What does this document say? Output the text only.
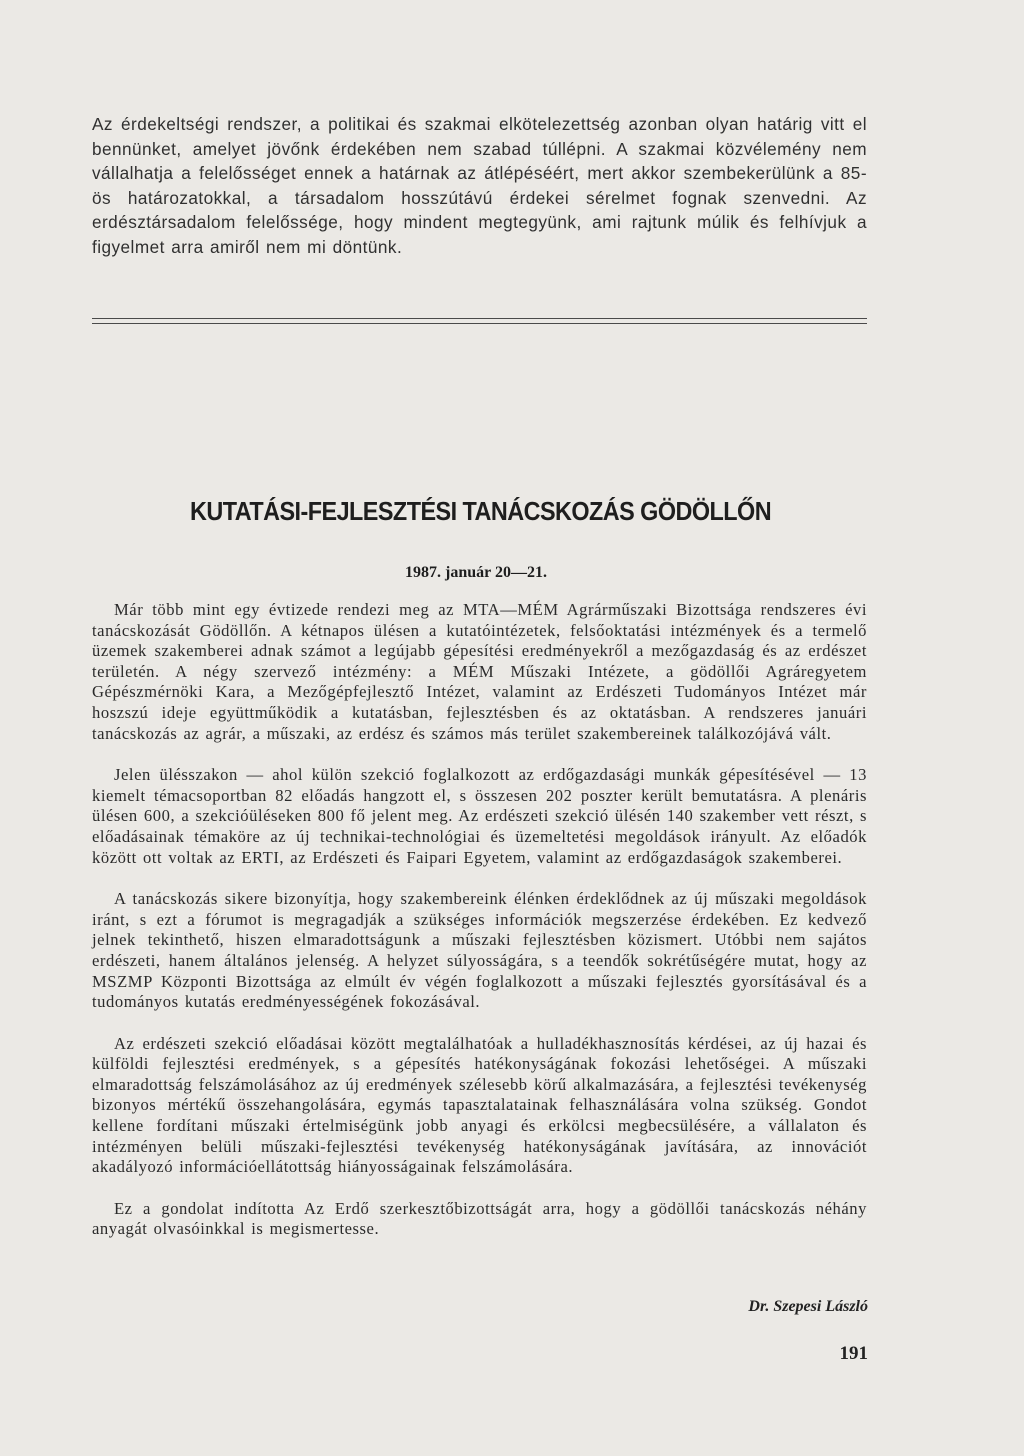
Az érdekeltségi rendszer, a politikai és szakmai elkötelezettség azonban olyan határig vitt el bennünket, amelyet jövőnk érdekében nem szabad túllépni. A szakmai közvélemény nem vállalhatja a felelősséget ennek a határnak az átlépéséért, mert akkor szembekerülünk a 85-ös határozatokkal, a társadalom hosszútávú érdekei sérelmet fognak szenvedni. Az erdésztársadalom felelőssége, hogy mindent megtegyünk, ami rajtunk múlik és felhívjuk a figyelmet arra amiről nem mi döntünk.

KUTATÁSI-FEJLESZTÉSI TANÁCSKOZÁS GÖDÖLLŐN

1987. január 20—21.

Már több mint egy évtizede rendezi meg az MTA—MÉM Agrárműszaki Bizottsága rendszeres évi tanácskozását Gödöllőn. A kétnapos ülésen a kutatóintézetek, felsőoktatási intézmények és a termelő üzemek szakemberei adnak számot a legújabb gépesítési eredményekről a mezőgazdaság és az erdészet területén. A négy szervező intézmény: a MÉM Műszaki Intézete, a gödöllői Agráregyetem Gépészmérnöki Kara, a Mezőgépfejlesztő Intézet, valamint az Erdészeti Tudományos Intézet már hoszszú ideje együttműködik a kutatásban, fejlesztésben és az oktatásban. A rendszeres januári tanácskozás az agrár, a műszaki, az erdész és számos más terület szakembereinek találkozójává vált.

Jelen ülésszakon — ahol külön szekció foglalkozott az erdőgazdasági munkák gépesítésével — 13 kiemelt témacsoportban 82 előadás hangzott el, s összesen 202 poszter került bemutatásra. A plenáris ülésen 600, a szekcióüléseken 800 fő jelent meg. Az erdészeti szekció ülésén 140 szakember vett részt, s előadásainak témaköre az új technikai-technológiai és üzemeltetési megoldások irányult. Az előadók között ott voltak az ERTI, az Erdészeti és Faipari Egyetem, valamint az erdőgazdaságok szakemberei.

A tanácskozás sikere bizonyítja, hogy szakembereink élénken érdeklődnek az új műszaki megoldások iránt, s ezt a fórumot is megragadják a szükséges információk megszerzése érdekében. Ez kedvező jelnek tekinthető, hiszen elmaradottságunk a műszaki fejlesztésben közismert. Utóbbi nem sajátos erdészeti, hanem általános jelenség. A helyzet súlyosságára, s a teendők sokrétűségére mutat, hogy az MSZMP Központi Bizottsága az elmúlt év végén foglalkozott a műszaki fejlesztés gyorsításával és a tudományos kutatás eredményességének fokozásával.

Az erdészeti szekció előadásai között megtalálhatóak a hulladékhasznosítás kérdései, az új hazai és külföldi fejlesztési eredmények, s a gépesítés hatékonyságának fokozási lehetőségei. A műszaki elmaradottság felszámolásához az új eredmények szélesebb körű alkalmazására, a fejlesztési tevékenység bizonyos mértékű összehangolására, egymás tapasztalatainak felhasználására volna szükség. Gondot kellene fordítani műszaki értelmiségünk jobb anyagi és erkölcsi megbecsülésére, a vállalaton és intézményen belüli műszaki-fejlesztési tevékenység hatékonyságának javítására, az innovációt akadályozó információellátottság hiányosságainak felszámolására.

Ez a gondolat indította Az Erdő szerkesztőbizottságát arra, hogy a gödöllői tanácskozás néhány anyagát olvasóinkkal is megismertesse.

Dr. Szepesi László

191
